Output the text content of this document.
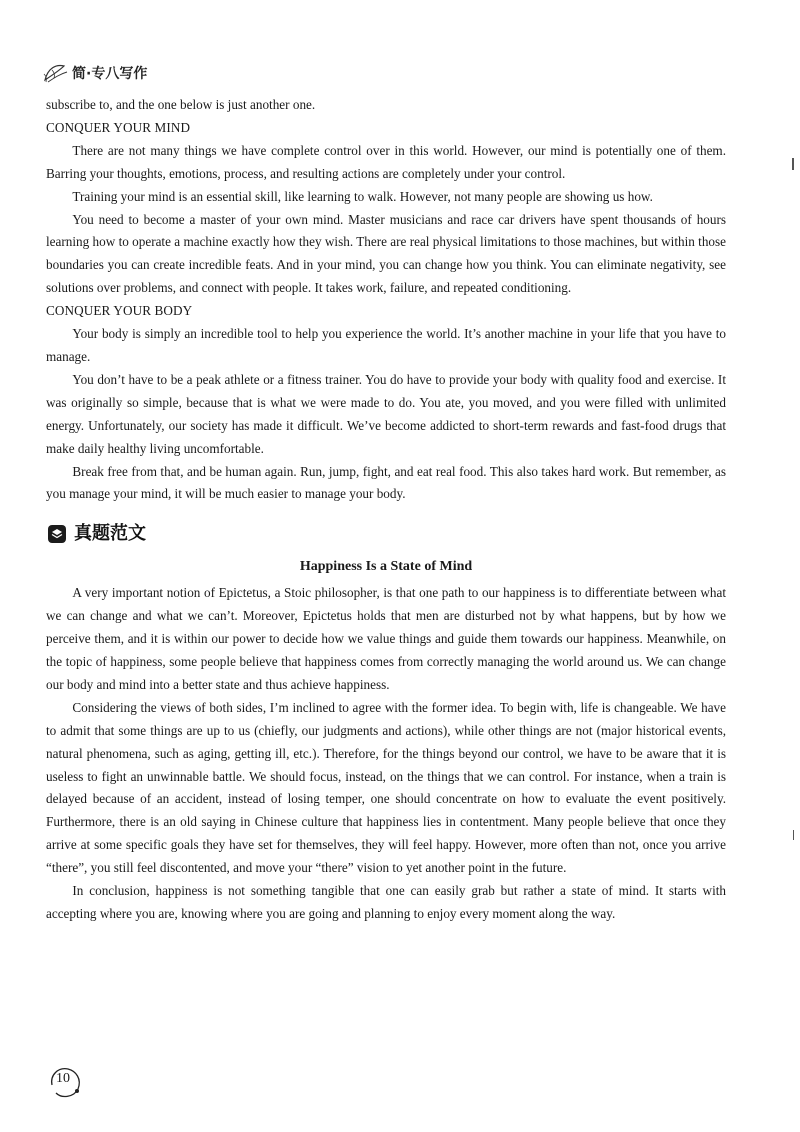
简·专八写作

subscribe to, and the one below is just another one.

CONQUER YOUR MIND

There are not many things we have complete control over in this world. However, our mind is potentially one of them. Barring your thoughts, emotions, process, and resulting actions are completely under your control.

Training your mind is an essential skill, like learning to walk. However, not many people are showing us how.

You need to become a master of your own mind. Master musicians and race car drivers have spent thousands of hours learning how to operate a machine exactly how they wish. There are real physical limitations to those machines, but within those boundaries you can create incredible feats. And in your mind, you can change how you think. You can eliminate negativity, see solutions over problems, and connect with people. It takes work, failure, and repeated conditioning.

CONQUER YOUR BODY

Your body is simply an incredible tool to help you experience the world. It’s another machine in your life that you have to manage.

You don’t have to be a peak athlete or a fitness trainer. You do have to provide your body with quality food and exercise. It was originally so simple, because that is what we were made to do. You ate, you moved, and you were filled with unlimited energy. Unfortunately, our society has made it difficult. We’ve become addicted to short-term rewards and fast-food drugs that make daily healthy living uncomfortable.

Break free from that, and be human again. Run, jump, fight, and eat real food. This also takes hard work. But remember, as you manage your mind, it will be much easier to manage your body.

真题范文
Happiness Is a State of Mind

A very important notion of Epictetus, a Stoic philosopher, is that one path to our happiness is to differentiate between what we can change and what we can’t. Moreover, Epictetus holds that men are disturbed not by what happens, but by how we perceive them, and it is within our power to decide how we value things and guide them towards our happiness. Meanwhile, on the topic of happiness, some people believe that happiness comes from correctly managing the world around us. We can change our body and mind into a better state and thus achieve happiness.

Considering the views of both sides, I’m inclined to agree with the former idea. To begin with, life is changeable. We have to admit that some things are up to us (chiefly, our judgments and actions), while other things are not (major historical events, natural phenomena, such as aging, getting ill, etc.). Therefore, for the things beyond our control, we have to be aware that it is useless to fight an unwinnable battle. We should focus, instead, on the things that we can control. For instance, when a train is delayed because of an accident, instead of losing temper, one should concentrate on how to evaluate the event positively. Furthermore, there is an old saying in Chinese culture that happiness lies in contentment. Many people believe that once they arrive at some specific goals they have set for themselves, they will feel happy. However, more often than not, once you arrive “there”, you still feel discontented, and move your “there” vision to yet another point in the future.

In conclusion, happiness is not something tangible that one can easily grab but rather a state of mind. It starts with accepting where you are, knowing where you are going and planning to enjoy every moment along the way.

10
